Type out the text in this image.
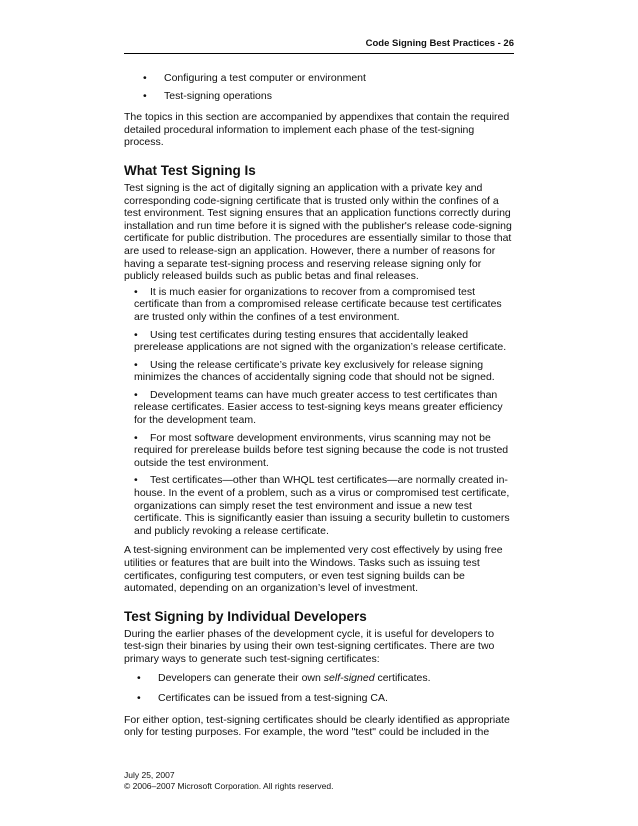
Code Signing Best Practices - 26
•	Configuring a test computer or environment
•	Test-signing operations

The topics in this section are accompanied by appendixes that contain the required detailed procedural information to implement each phase of the test-signing process.

What Test Signing Is

Test signing is the act of digitally signing an application with a private key and corresponding code-signing certificate that is trusted only within the confines of a test environment. Test signing ensures that an application functions correctly during installation and run time before it is signed with the publisher's release code-signing certificate for public distribution. The procedures are essentially similar to those that are used to release-sign an application. However, there a number of reasons for having a separate test-signing process and reserving release signing only for publicly released builds such as public betas and final releases.

• It is much easier for organizations to recover from a compromised test certificate than from a compromised release certificate because test certificates are trusted only within the confines of a test environment.
• Using test certificates during testing ensures that accidentally leaked prerelease applications are not signed with the organization’s release certificate.
• Using the release certificate’s private key exclusively for release signing minimizes the chances of accidentally signing code that should not be signed.
• Development teams can have much greater access to test certificates than release certificates. Easier access to test-signing keys means greater efficiency for the development team.
• For most software development environments, virus scanning may not be required for prerelease builds before test signing because the code is not trusted outside the test environment.
• Test certificates—other than WHQL test certificates—are normally created in-house. In the event of a problem, such as a virus or compromised test certificate, organizations can simply reset the test environment and issue a new test certificate. This is significantly easier than issuing a security bulletin to customers and publicly revoking a release certificate.

A test-signing environment can be implemented very cost effectively by using free utilities or features that are built into the Windows. Tasks such as issuing test certificates, configuring test computers, or even test signing builds can be automated, depending on an organization’s level of investment.

Test Signing by Individual Developers

During the earlier phases of the development cycle, it is useful for developers to test-sign their binaries by using their own test-signing certificates. There are two primary ways to generate such test-signing certificates:

•	Developers can generate their own self-signed certificates.
•	Certificates can be issued from a test-signing CA.

For either option, test-signing certificates should be clearly identified as appropriate only for testing purposes. For example, the word "test" could be included in the

July 25, 2007
© 2006–2007 Microsoft Corporation. All rights reserved.
